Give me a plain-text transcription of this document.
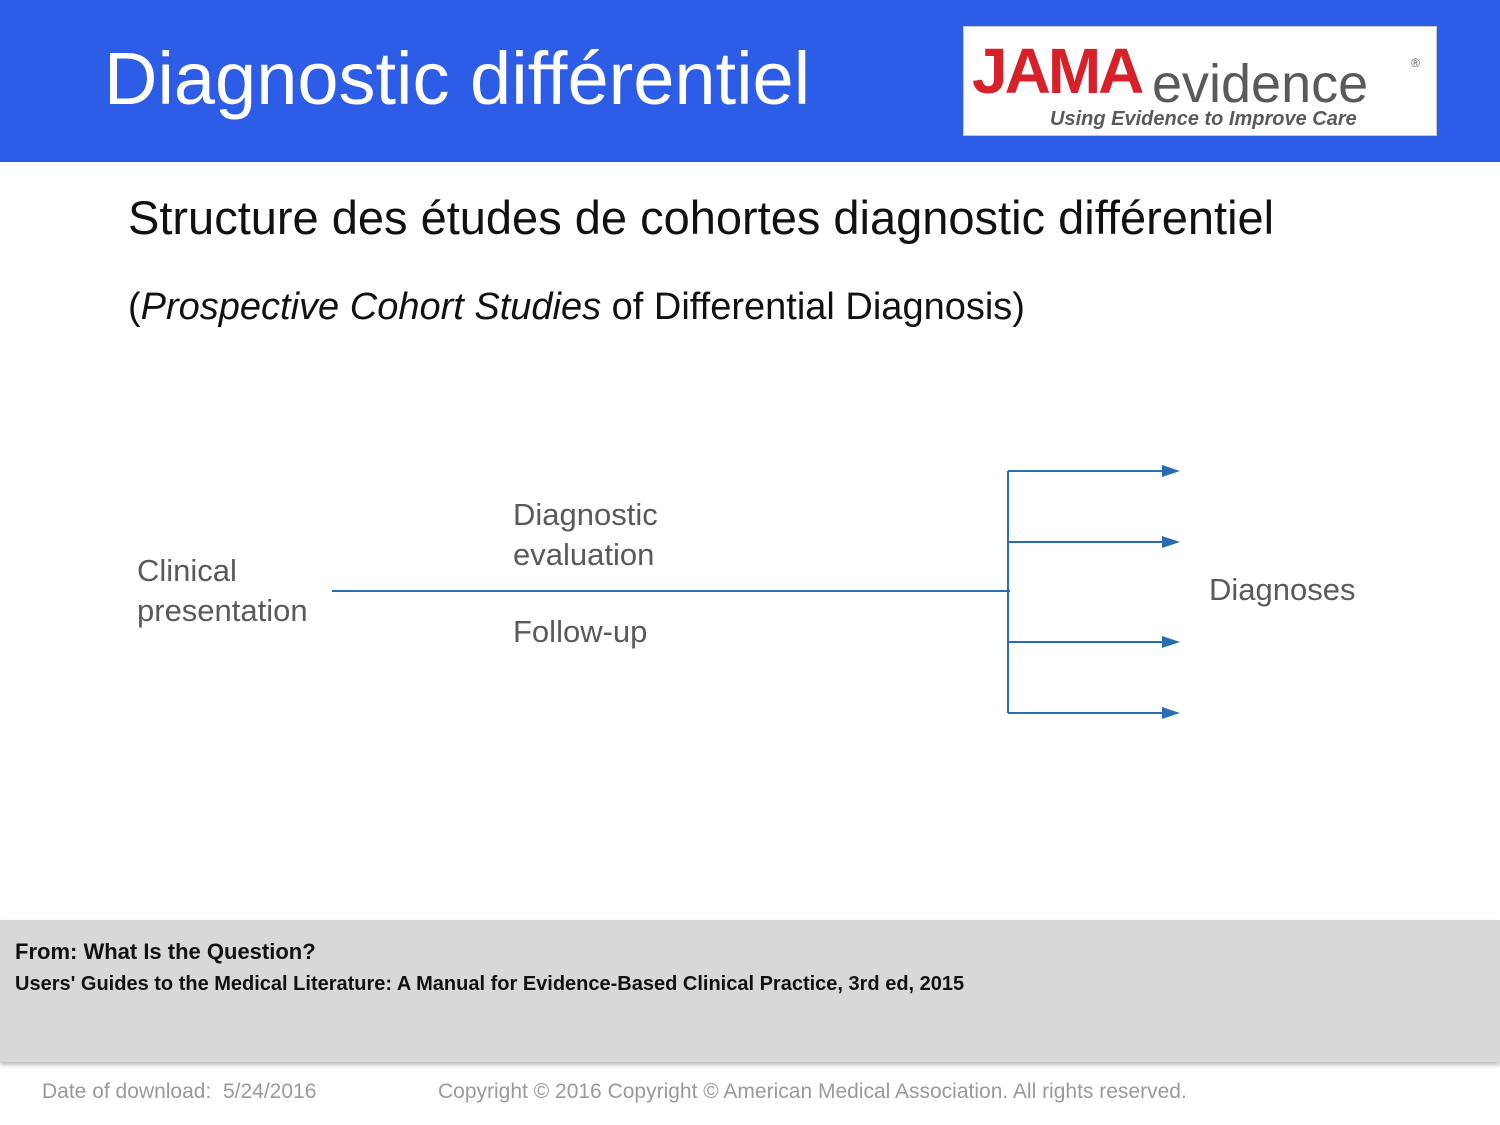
Diagnostic différentiel	JAMA evidence	®
Using Evidence to Improve Care
Structure des études de cohortes diagnostic différentiel
(Prospective Cohort Studies of Differential Diagnosis)
Clinical
presentation
Diagnostic
evaluation
Follow-up
Diagnoses
From: What Is the Question?
Users' Guides to the Medical Literature: A Manual for Evidence-Based Clinical Practice, 3rd ed, 2015
Date of download:  5/24/2016	Copyright © 2016 Copyright © American Medical Association. All rights reserved.
